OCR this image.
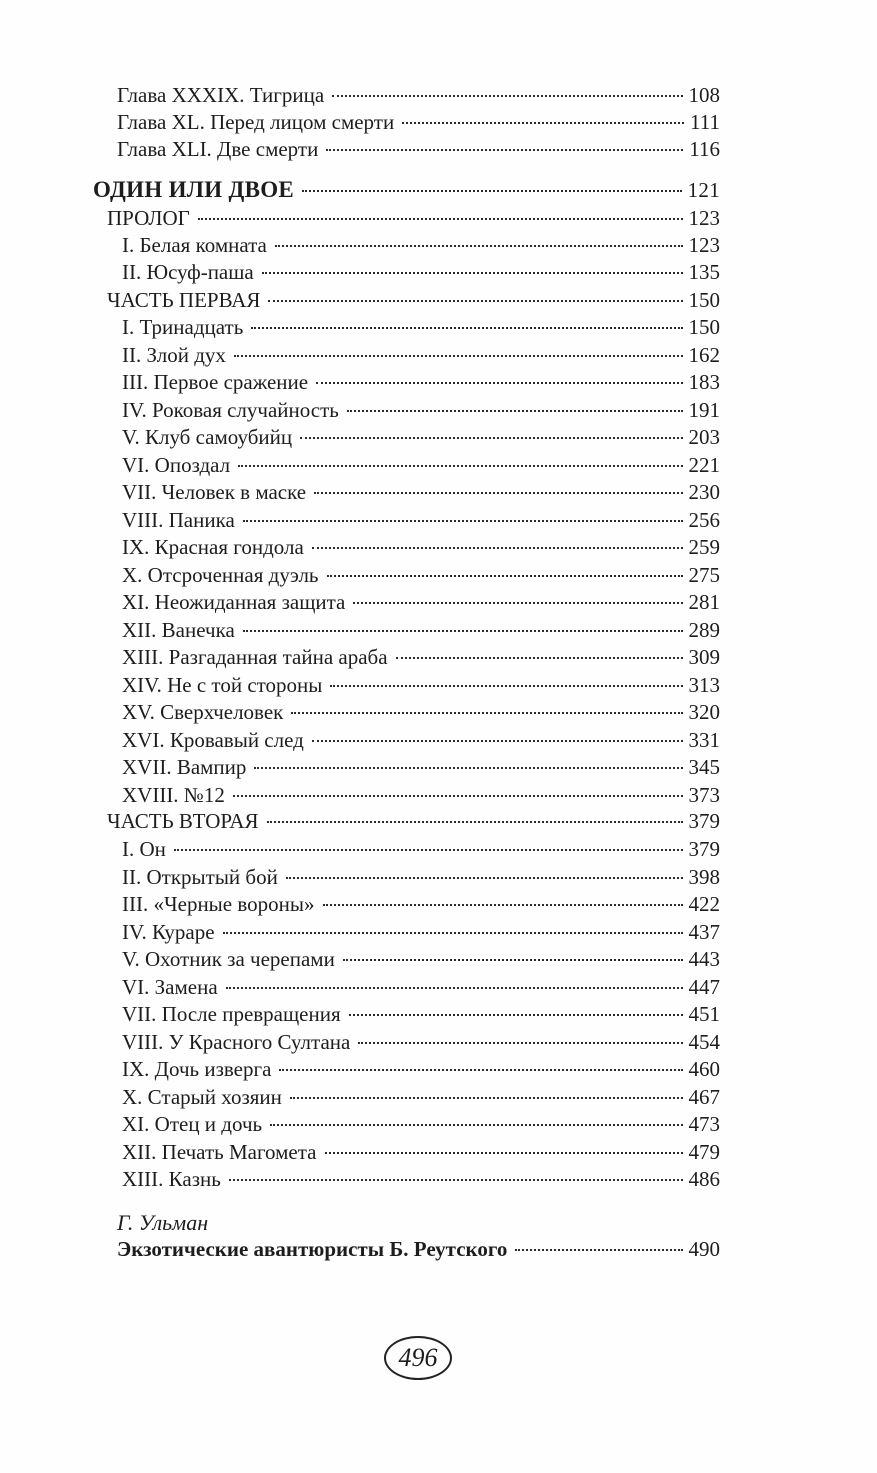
Глава XXXIX. Тигрица	108
Глава XL. Перед лицом смерти	111
Глава XLI. Две смерти	116
ОДИН ИЛИ ДВОЕ	121
ПРОЛОГ	123
I. Белая комната	123
II. Юсуф-паша	135
ЧАСТЬ ПЕРВАЯ	150
I. Тринадцать	150
II. Злой дух	162
III. Первое сражение	183
IV. Роковая случайность	191
V. Клуб самоубийц	203
VI. Опоздал	221
VII. Человек в маске	230
VIII. Паника	256
IX. Красная гондола	259
X. Отсроченная дуэль	275
XI. Неожиданная защита	281
XII. Ванечка	289
XIII. Разгаданная тайна араба	309
XIV. Не с той стороны	313
XV. Сверхчеловек	320
XVI. Кровавый след	331
XVII. Вампир	345
XVIII. №12	373
ЧАСТЬ ВТОРАЯ	379
I. Он	379
II. Открытый бой	398
III. «Черные вороны»	422
IV. Кураре	437
V. Охотник за черепами	443
VI. Замена	447
VII. После превращения	451
VIII. У Красного Султана	454
IX. Дочь изверга	460
X. Старый хозяин	467
XI. Отец и дочь	473
XII. Печать Магомета	479
XIII. Казнь	486
Г. Ульман
Экзотические авантюристы Б. Реутского	490
496
